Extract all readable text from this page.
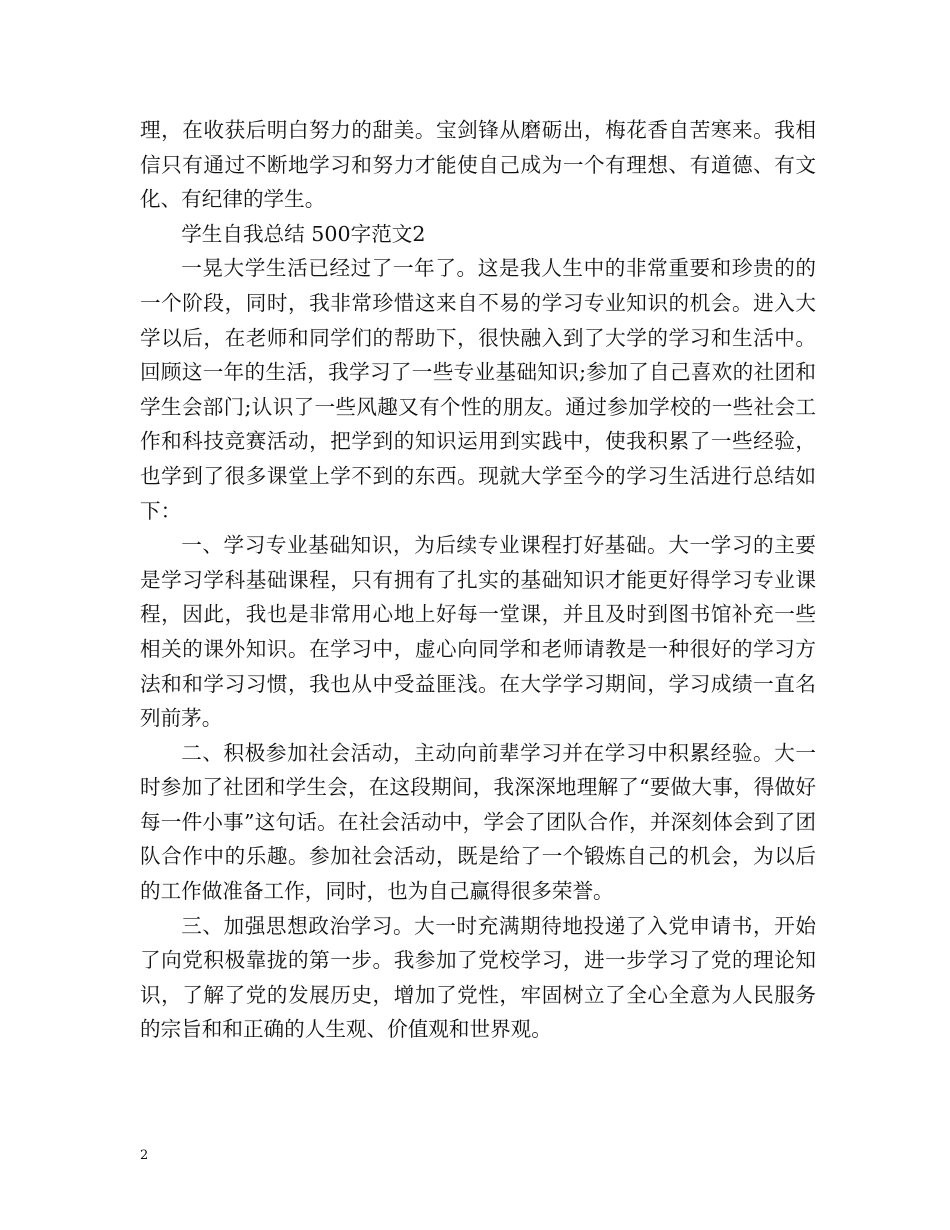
理，在收获后明白努力的甜美。宝剑锋从磨砺出，梅花香自苦寒来。我相信只有通过不断地学习和努力才能使自己成为一个有理想、有道德、有文化、有纪律的学生。

学生自我总结 500字范文2

一晃大学生活已经过了一年了。这是我人生中的非常重要和珍贵的的一个阶段，同时，我非常珍惜这来自不易的学习专业知识的机会。进入大学以后，在老师和同学们的帮助下，很快融入到了大学的学习和生活中。回顾这一年的生活，我学习了一些专业基础知识;参加了自己喜欢的社团和学生会部门;认识了一些风趣又有个性的朋友。通过参加学校的一些社会工作和科技竞赛活动，把学到的知识运用到实践中，使我积累了一些经验，也学到了很多课堂上学不到的东西。现就大学至今的学习生活进行总结如下：

一、学习专业基础知识，为后续专业课程打好基础。大一学习的主要是学习学科基础课程，只有拥有了扎实的基础知识才能更好得学习专业课程，因此，我也是非常用心地上好每一堂课，并且及时到图书馆补充一些相关的课外知识。在学习中，虚心向同学和老师请教是一种很好的学习方法和和学习习惯，我也从中受益匪浅。在大学学习期间，学习成绩一直名列前茅。

二、积极参加社会活动，主动向前辈学习并在学习中积累经验。大一时参加了社团和学生会，在这段期间，我深深地理解了“要做大事，得做好每一件小事”这句话。在社会活动中，学会了团队合作，并深刻体会到了团队合作中的乐趣。参加社会活动，既是给了一个锻炼自己的机会，为以后的工作做准备工作，同时，也为自己赢得很多荣誉。

三、加强思想政治学习。大一时充满期待地投递了入党申请书，开始了向党积极靠拢的第一步。我参加了党校学习，进一步学习了党的理论知识，了解了党的发展历史，增加了党性，牢固树立了全心全意为人民服务的宗旨和和正确的人生观、价值观和世界观。

2
